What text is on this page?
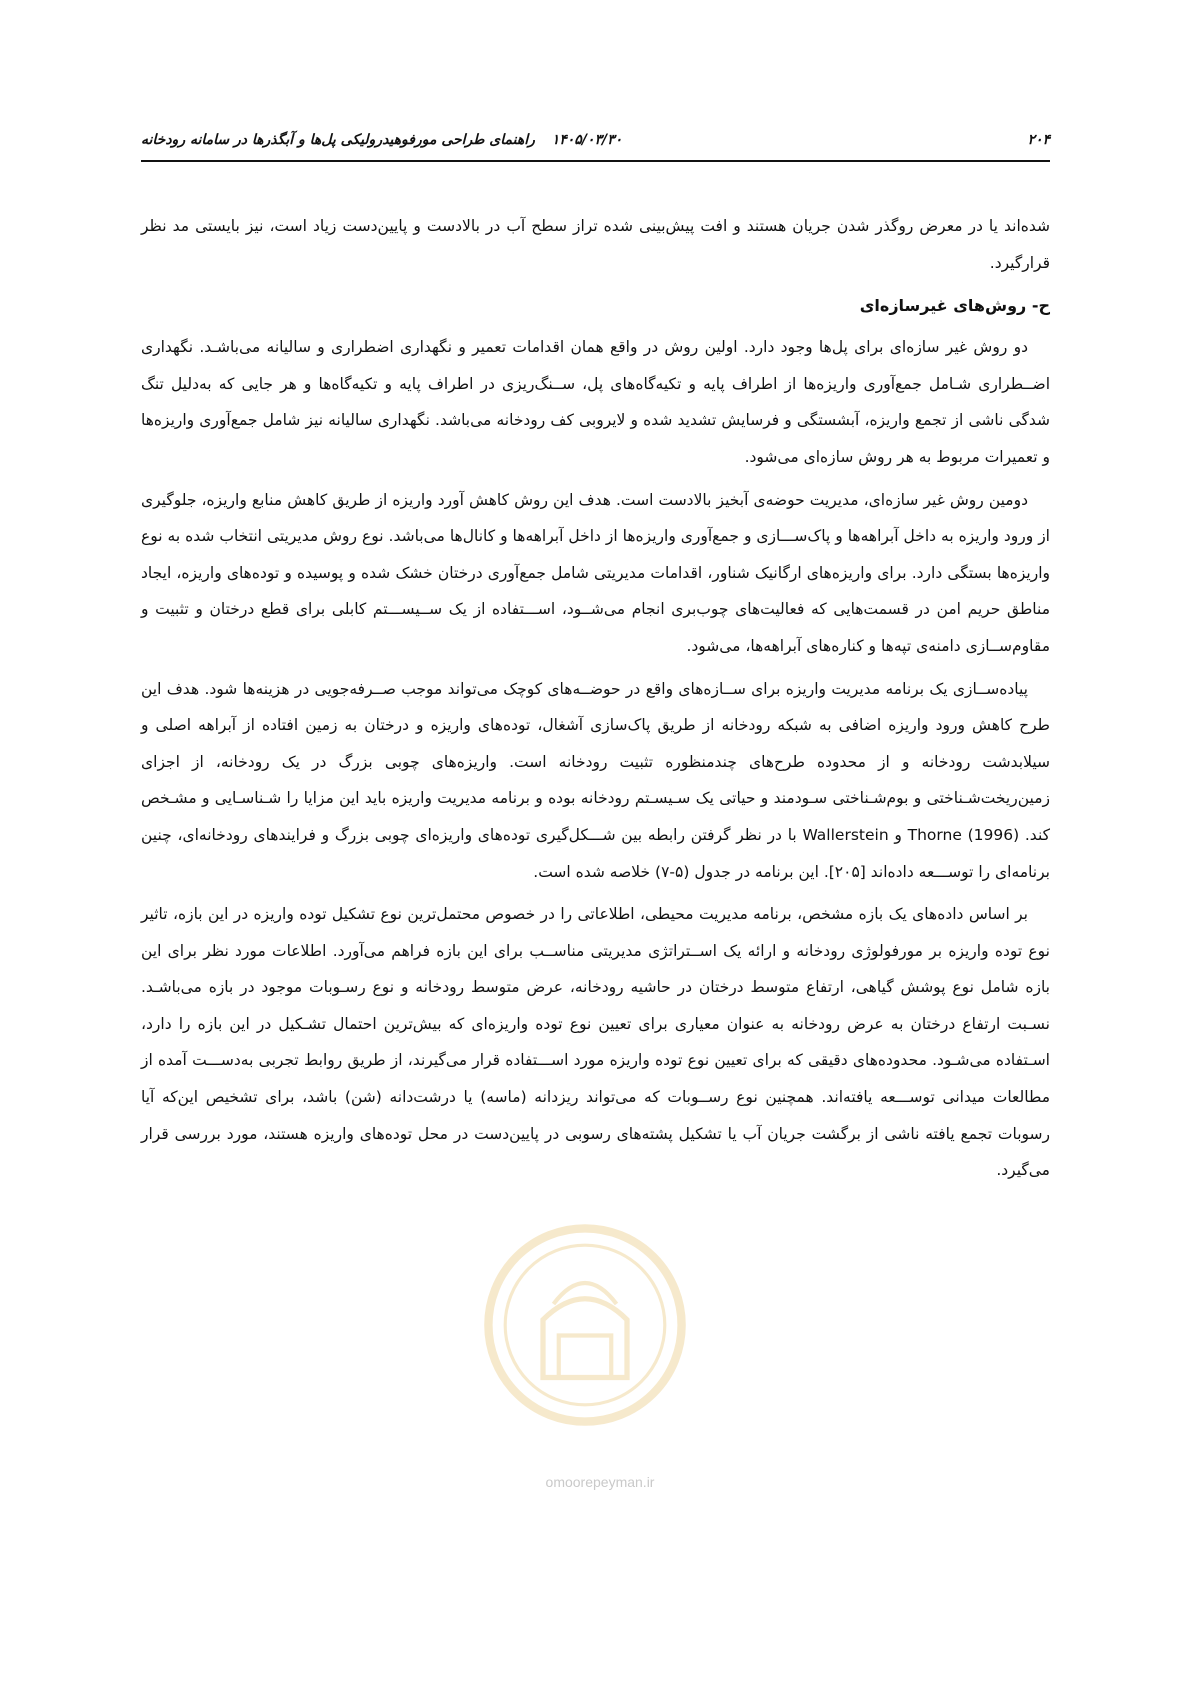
۲۰۴
۱۴۰۵/۰۳/۳۰ راهنمای طراحی مورفوهیدرولیکی پل‌ها و آبگذرها در سامانه رودخانه

شده‌اند یا در معرض روگذر شدن جریان هستند و افت پیش‌بینی شده تراز سطح آب در بالادست و پایین‌دست زیاد است، نیز بایستی مد نظر قرارگیرد.

ح- روش‌های غیرسازه‌ای

دو روش غیر سازه‌ای برای پل‌ها وجود دارد. اولین روش در واقع همان اقدامات تعمیر و نگهداری اضطراری و سالیانه می‌باشـد. نگهداری اضــطراری شـامل جمع‌آوری واریزه‌ها از اطراف پایه و تکیه‌گاه‌های پل، ســنگ‌ریزی در اطراف پایه و تکیه‌گاه‌ها و هر جایی که به‌دلیل تنگ شدگی ناشی از تجمع واریزه، آبشستگی و فرسایش تشدید شده و لایروبی کف رودخانه می‌باشد. نگهداری سالیانه نیز شامل جمع‌آوری واریزه‌ها و تعمیرات مربوط به هر روش سازه‌ای می‌شود.

دومین روش غیر سازه‌ای، مدیریت حوضه‌ی آبخیز بالادست است. هدف این روش کاهش آورد واریزه از طریق کاهش منابع واریزه، جلوگیری از ورود واریزه به داخل آبراهه‌ها و پاک‌ســـازی و جمع‌آوری واریزه‌ها از داخل آبراهه‌ها و کانال‌ها می‌باشد. نوع روش مدیریتی انتخاب شده به نوع واریزه‌ها بستگی دارد. برای واریزه‌های ارگانیک شناور، اقدامات مدیریتی شامل جمع‌آوری درختان خشک شده و پوسیده و توده‌های واریزه، ایجاد مناطق حریم امن در قسمت‌هایی که فعالیت‌های چوب‌بری انجام می‌شــود، اســـتفاده از یک ســیســـتم کابلی برای قطع درختان و تثبیت و مقاوم‌ســازی دامنه‌ی تپه‌ها و کناره‌های آبراهه‌ها، می‌شود.

پیاده‌ســازی یک برنامه مدیریت واریزه برای ســازه‌های واقع در حوضــه‌های کوچک می‌تواند موجب صــرفه‌جویی در هزینه‌ها شود. هدف این طرح کاهش ورود واریزه اضافی به شبکه رودخانه از طریق پاک‌سازی آشغال، توده‌های واریزه و درختان به زمین افتاده از آبراهه اصلی و سیلابدشت رودخانه و از محدوده طرح‌های چندمنظوره تثبیت رودخانه است. واریزه‌های چوبی بزرگ در یک رودخانه، از اجزای زمین‌ریخت‌شـناختی و بوم‌شـناختی سـودمند و حیاتی یک سـیسـتم رودخانه بوده و برنامه مدیریت واریزه باید این مزایا را شـناسـایی و مشـخص کند. Thorne (1996) و Wallerstein با در نظر گرفتن رابطه بین شـــکل‌گیری توده‌های واریزه‌ای چوبی بزرگ و فرایندهای رودخانه‌ای، چنین برنامه‌ای را توســـعه داده‌اند [۲۰۵]. این برنامه در جدول (۵-۷) خلاصه شده است.

بر اساس داده‌های یک بازه مشخص، برنامه مدیریت محیطی، اطلاعاتی را در خصوص محتمل‌ترین نوع تشکیل توده واریزه در این بازه، تاثیر نوع توده واریزه بر مورفولوژی رودخانه و ارائه یک اســتراتژی مدیریتی مناســب برای این بازه فراهم می‌آورد. اطلاعات مورد نظر برای این بازه شامل نوع پوشش گیاهی، ارتفاع متوسط درختان در حاشیه رودخانه، عرض متوسط رودخانه و نوع رسـوبات موجود در بازه می‌باشـد. نسـبت ارتفاع درختان به عرض رودخانه به عنوان معیاری برای تعیین نوع توده واریزه‌ای که بیش‌ترین احتمال تشـکیل در این بازه را دارد، اسـتفاده می‌شـود. محدوده‌های دقیقی که برای تعیین نوع توده واریزه مورد اســـتفاده قرار می‌گیرند، از طریق روابط تجربی به‌دســـت آمده از مطالعات میدانی توســـعه یافته‌اند. همچنین نوع رســوبات که می‌تواند ریزدانه (ماسه) یا درشت‌دانه (شن) باشد، برای تشخیص این‌که آیا رسوبات تجمع یافته ناشی از برگشت جریان آب یا تشکیل پشته‌های رسوبی در پایین‌دست در محل توده‌های واریزه هستند، مورد بررسی قرار می‌گیرد.

omoorepeyman.ir
